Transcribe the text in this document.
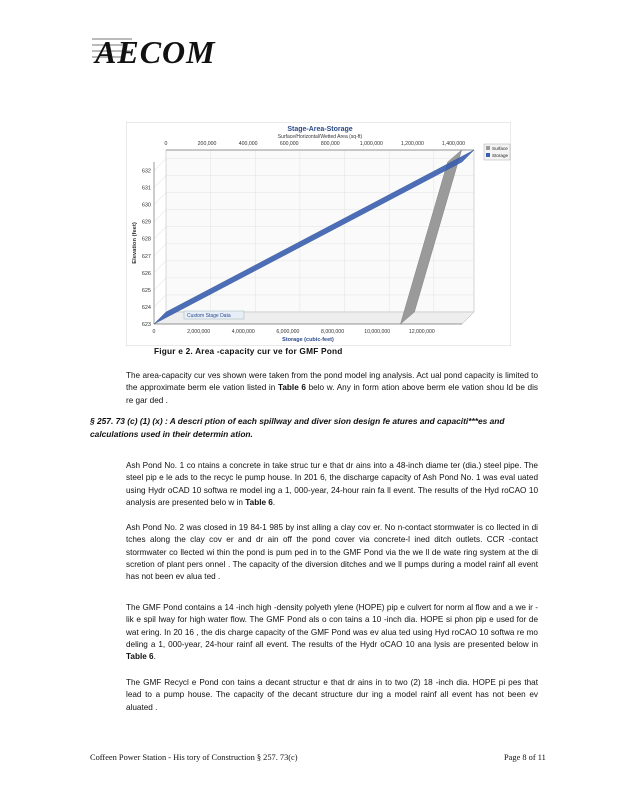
AECOM
623
624
625
626
627
628
629
630
631
632
0	2,000,000	4,000,000	6,000,000	8,000,000	10,000,000	12,000,000
0	200,000	400,000	600,000	800,000	1,000,000	1,200,000	1,400,000
Stage-Area-Storage
Surface/Horizontal/Wetted Area (sq-ft)
Storage (cubic-feet)
Elevation (feet)
Custom Stage Data
Surface
Storage
Figur e 2. Area -capacity cur ve for GMF Pond
The area-capacity cur ves shown were taken from the pond model ing analysis. Act ual pond capacity is limited to the approximate berm ele vation listed in Table 6 belo w. Any in form ation above berm ele vation shou ld be dis re gar ded .
§ 257. 73 (c) (1) (x) : A descri ption of each spillway and diver sion design fe atures and capaciti***es and calculations used in their determin ation.
Ash Pond No. 1 co ntains a concrete in take struc tur e that dr ains into a 48-inch diame ter (dia.) steel pipe. The steel pip e le ads to the recyc le pump house. In 201 6, the discharge capacity of Ash Pond No. 1 was eval uated using Hydr oCAD 10 softwa re model ing a 1, 000-year, 24-hour rain fa ll event. The results of the Hyd roCAO 10 analysis are presented belo w in Table 6.
Ash Pond No. 2 was closed in 19 84-1 985 by inst alling a clay cov er. No n-contact stormwater is co llected in di tches along the clay cov er and dr ain off the pond cover via concrete-l ined ditch outlets. CCR -contact stormwater co llected wi thin the pond is pum ped in to the GMF Pond via the we ll de wate ring system at the di scretion of plant pers onnel . The capacity of the diversion ditches and we ll pumps during a model rainf all event has not been ev alua ted .
The GMF Pond contains a 14 -inch high -density polyeth ylene (HOPE) pip e culvert for norm al flow and a we ir -lik e spil lway for high water flow. The GMF Pond als o con tains a 10 -inch dia. HOPE si phon pip e used for de wat ering. In 20 16 , the dis charge capacity of the GMF Pond was ev alua ted using Hyd roCAO 10 softwa re mo deling a 1, 000-year, 24-hour rainf all event. The results of the Hydr oCAO 10 ana lysis are presented below in Table 6.
The GMF Recycl e Pond con tains a decant structur e that dr ains in to two (2) 18 -inch dia. HOPE pi pes that lead to a pump house. The capacity of the decant structure dur ing a model rainf all event has not been ev aluated .
Coffeen Power Station - His tory of Construction § 257. 73(c)	Page 8 of 11
